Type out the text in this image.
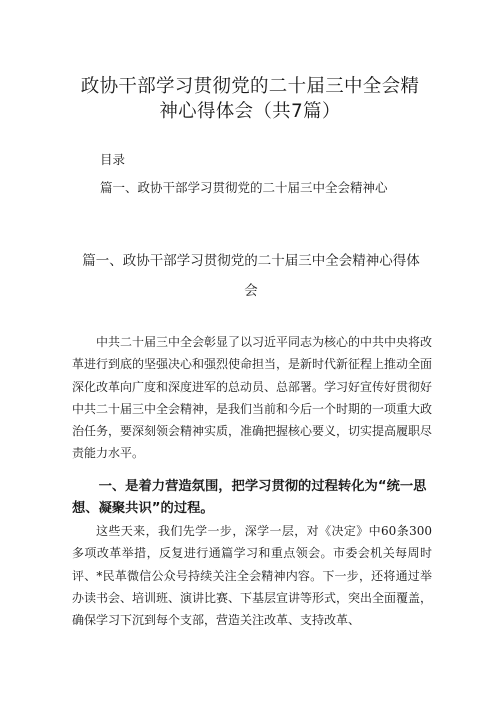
政协干部学习贯彻党的二十届三中全会精
神心得体会（共7篇）
目录
篇一、政协干部学习贯彻党的二十届三中全会精神心
篇一、政协干部学习贯彻党的二十届三中全会精神心得体
会
中共二十届三中全会彰显了以习近平同志为核心的中共中央将改革进行到底的坚强决心和强烈使命担当，是新时代新征程上推动全面深化改革向广度和深度进军的总动员、总部署。学习好宣传好贯彻好中共二十届三中全会精神，是我们当前和今后一个时期的一项重大政治任务，要深刻领会精神实质，准确把握核心要义，切实提高履职尽责能力水平。
一、是着力营造氛围，把学习贯彻的过程转化为“统一思想、凝聚共识”的过程。
这些天来，我们先学一步，深学一层，对《决定》中60条300多项改革举措，反复进行通篇学习和重点领会。市委会机关每周时评、*民革微信公众号持续关注全会精神内容。下一步，还将通过举办读书会、培训班、演讲比赛、下基层宣讲等形式，突出全面覆盖，确保学习下沉到每个支部，营造关注改革、支持改革、
